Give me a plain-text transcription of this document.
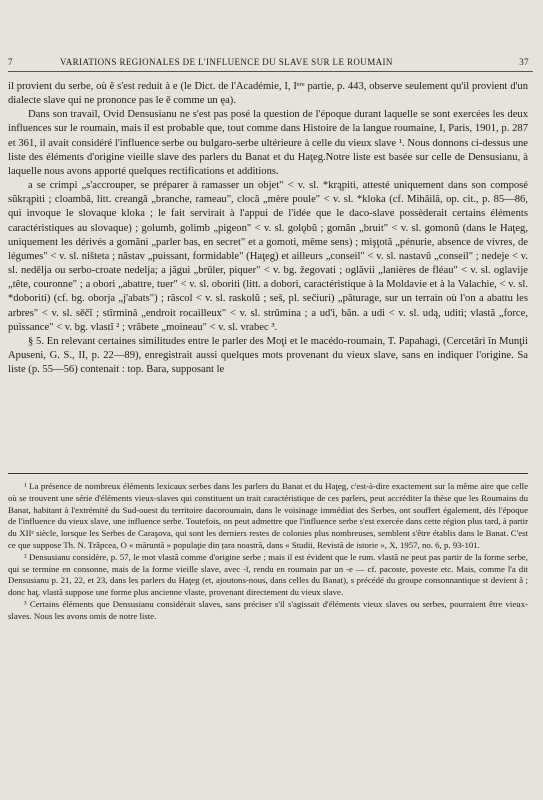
7	VARIATIONS REGIONALES DE L'INFLUENCE DU SLAVE SUR LE ROUMAIN	37

il provient du serbe, où ĕ s'est reduit à e (le Dict. de l'Académie, I, Iᵉʳᵉ partie, p. 443, observe seulement qu'il provient d'un dialecte slave qui ne prononce pas le ě comme un ęa).

Dans son travail, Ovid Densusianu ne s'est pas posé la question de l'époque durant laquelle se sont exercées les deux influences sur le roumain, mais il est probable que, tout comme dans Histoire de la langue roumaine, I, Paris, 1901, p. 287 et 361, il avait considéré l'influence serbe ou bulgaro-serbe ultérieure à celle du vieux slave ¹. Nous donnons ci-dessus une liste des éléments d'origine vieille slave des parlers du Banat et du Haţeg.Notre liste est basée sur celle de Densusianu, à laquelle nous avons apporté quelques rectifications et additions.

a se crimpi „s'accrouper, se préparer à ramasser un objet" < v. sl. *krąpiti, attesté uniquement dans son composé sŭkrąpiti ; cloambă, litt. creangă „branche, rameau", clocă „mère poule" < v. sl. *kloka (cf. Mihăilă, op. cit., p. 85—86, qui invoque le slovaque kloka ; le fait servirait à l'appui de l'idée que le daco-slave possèderait certains éléments caractéristiques au slovaque) ; golumb, golimb „pigeon" < v. sl. golǫbŭ ; gomăn „bruit" < v. sl. gomonŭ (dans le Haţeg, uniquement les dérivés a gomăni „parler bas, en secret" et a gomoti, même sens) ; mişţotă „pénurie, absence de vivres, de légumes" < v. sl. ništeta ; năstav „puissant, formidable" (Haţeg) et ailleurs „conseil" < v. sl. nastavŭ „conseil" ; nedeje < v. sl. nedělja ou serbo-croate nedelja; a jăgui „brûler, piquer" < v. bg. žegovati ; oglăvii „lanières de fléau" < v. sl. oglavije „tête, couronne" ; a obori „abattre, tuer" < v. sl. oboriti (litt. a dobori, caractéristique à la Moldavie et à la Valachie, < v. sl. *doboriti) (cf. bg. oborja „j'abats") ; răscol < v. sl. raskolŭ ; seš, pl. sečiuri) „pâturage, sur un terrain où l'on a abattu les arbres" < v. sl. sěčĭ ; stîrmină „endroit rocailleux" < v. sl. strŭmina ; a ud'i, băn. a udi < v. sl. udą, uditi; vlastă „force, puissance" < v. bg. vlastĭ ² ; vrăbete „moineau" < v. sl. vrabec ³.

§ 5. En relevant certaines similitudes entre le parler des Moţi et le macédo-roumain, T. Papahagi, (Cercetări în Munţii Apuseni, G. S., II, p. 22—89), enregistrait aussi quelques mots provenant du vieux slave, sans en indiquer l'origine. Sa liste (p. 55—56) contenait : top. Bara, supposant le

¹ La présence de nombreux éléments lexicaux serbes dans les parlers du Banat et du Haţeg, c'est-à-dire exactement sur la même aire que celle où se trouvent une série d'éléments vieux-slaves qui constituent un trait caractéristique de ces parlers, peut accréditer la thèse que les Roumains du Banat, habitant à l'extrémité du Sud-ouest du territoire dacoroumain, dans le voisinage immédiat des Serbes, ont souffert également, dès l'époque de l'influence du vieux slave, une influence serbe. Toutefois, on peut admettre que l'influence serbe s'est exercée dans cette région plus tard, à partir du XIIᵉ siècle, lorsque les Serbes de Caraşova, qui sont les derniers restes de colonies plus nombreuses, semblent s'être établis dans le Banat. C'est ce que suppose Th. N. Trâpcea, O « măruntă » populaţie din țara noastră, dans « Studii, Revistă de istorie », X, 1957, no. 6, p. 93-101.

² Densusianu considère, p. 57, le mot vlastă comme d'origine serbe ; mais il est évident que le rum. vlastă ne peut pas partir de la forme serbe, qui se termine en consonne, mais de la forme vieille slave, avec -ĭ, rendu en roumain par un -e — cf. pacoste, poveste etc. Mais, comme l'a dit Densusianu p. 21, 22, et 23, dans les parlers du Haţeg (et, ajoutons-nous, dans celles du Banat), s précédé du groupe consonnantique st devient ă ; donc haţ. vlastă suppose une forme plus ancienne vlaste, provenant directement du vieux slave.

³ Certains éléments que Densusianu considérait slaves, sans préciser s'il s'agissait d'éléments vieux slaves ou serbes, pourraient être vieux-slaves. Nous les avons omis de notre liste.
